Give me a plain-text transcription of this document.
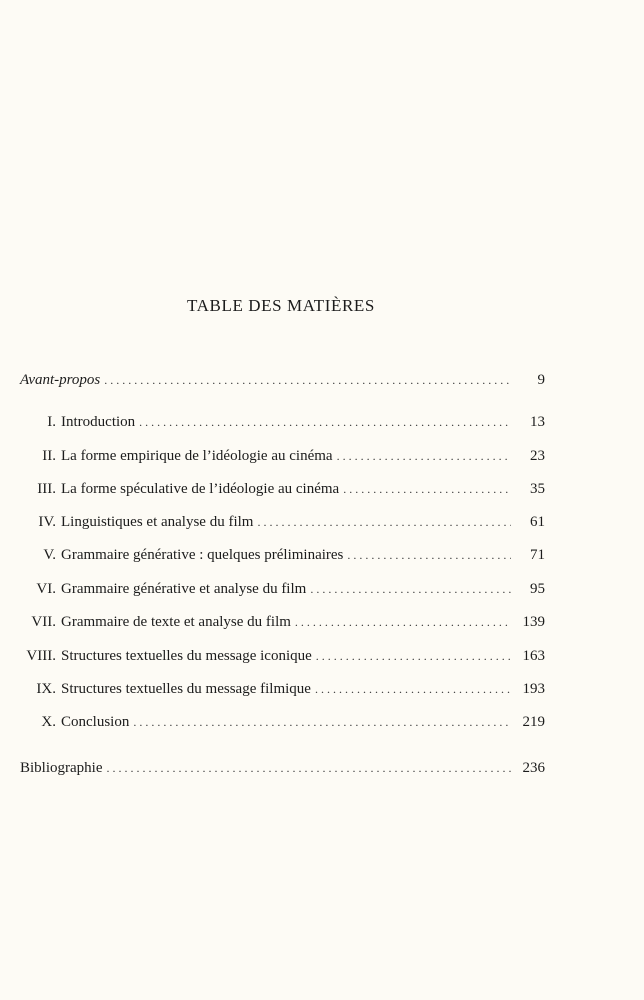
TABLE DES MATIÈRES
Avant-propos . . .	9
I. Introduction . . .	13
II. La forme empirique de l’idéologie au cinéma . . .	23
III. La forme spéculative de l’idéologie au cinéma . . .	35
IV. Linguistiques et analyse du film . . .	61
V. Grammaire générative : quelques préliminaires . . .	71
VI. Grammaire générative et analyse du film . . .	95
VII. Grammaire de texte et analyse du film . . .	139
VIII. Structures textuelles du message iconique . . .	163
IX. Structures textuelles du message filmique . . .	193
X. Conclusion . . .	219
Bibliographie . . .	236
